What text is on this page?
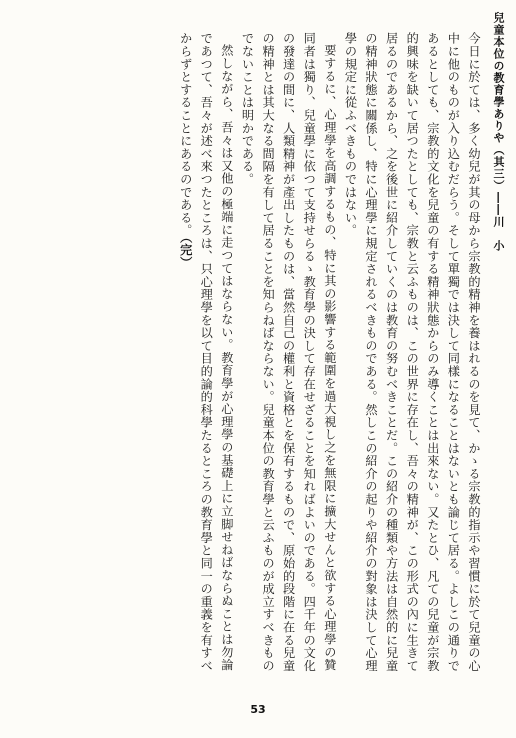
兒童本位の教育學ありや（其三）――川　小

今日に於ては、多く幼兒が其の母から宗教的精神を養はれるのを見て、かゝる宗教的指示や習慣に於て兒童の心中に他のものが入り込むだらう。そして單獨では決して同樣になることはないとも論じて居る。よしこの通りであるとしても、宗教的文化を兒童の有する精神狀態からのみ導くことは出來ない。又たとひ、凡ての兒童が宗教的興味を缺いて居つたとしても、宗教と云ふものは、この世界に存在し、吾々の精神が、この形式の內に生きて居るのであるから、之を後世に紹介していくのは教育の努むべきことだ。この紹介の種類や方法は自然的に兒童の精神狀態に關係し、特に心理學に規定されるべきものである。然しこの紹介の起りや紹介の對象は決して心理學の規定に從ふべきものではない。

要するに、心理學を高調するもの、特に其の影響する範圍を過大視し之を無限に擴大せんと欲する心理學の贊同者は獨り、兒童學に依つて支持せらるゝ教育學の決して存在せざることを知ればよいのである。四千年の文化の發達の間に、人類精神が產出したものは、當然自己の權利と資格とを保有するもので、原始的段階に在る兒童の精神とは其大なる間隔を有して居ることを知らねばならない。兒童本位の教育學と云ふものが成立すべきものでないことは明かである。

然しながら、吾々は又他の極端に走つてはならない。教育學が心理學の基礎上に立脚せねばならぬことは勿論であつて、吾々が述べ來つたところは、只心理學を以て目的論的科學たるところの教育學と同一の重義を有すべからずとすることにあるのである。（完）

53
